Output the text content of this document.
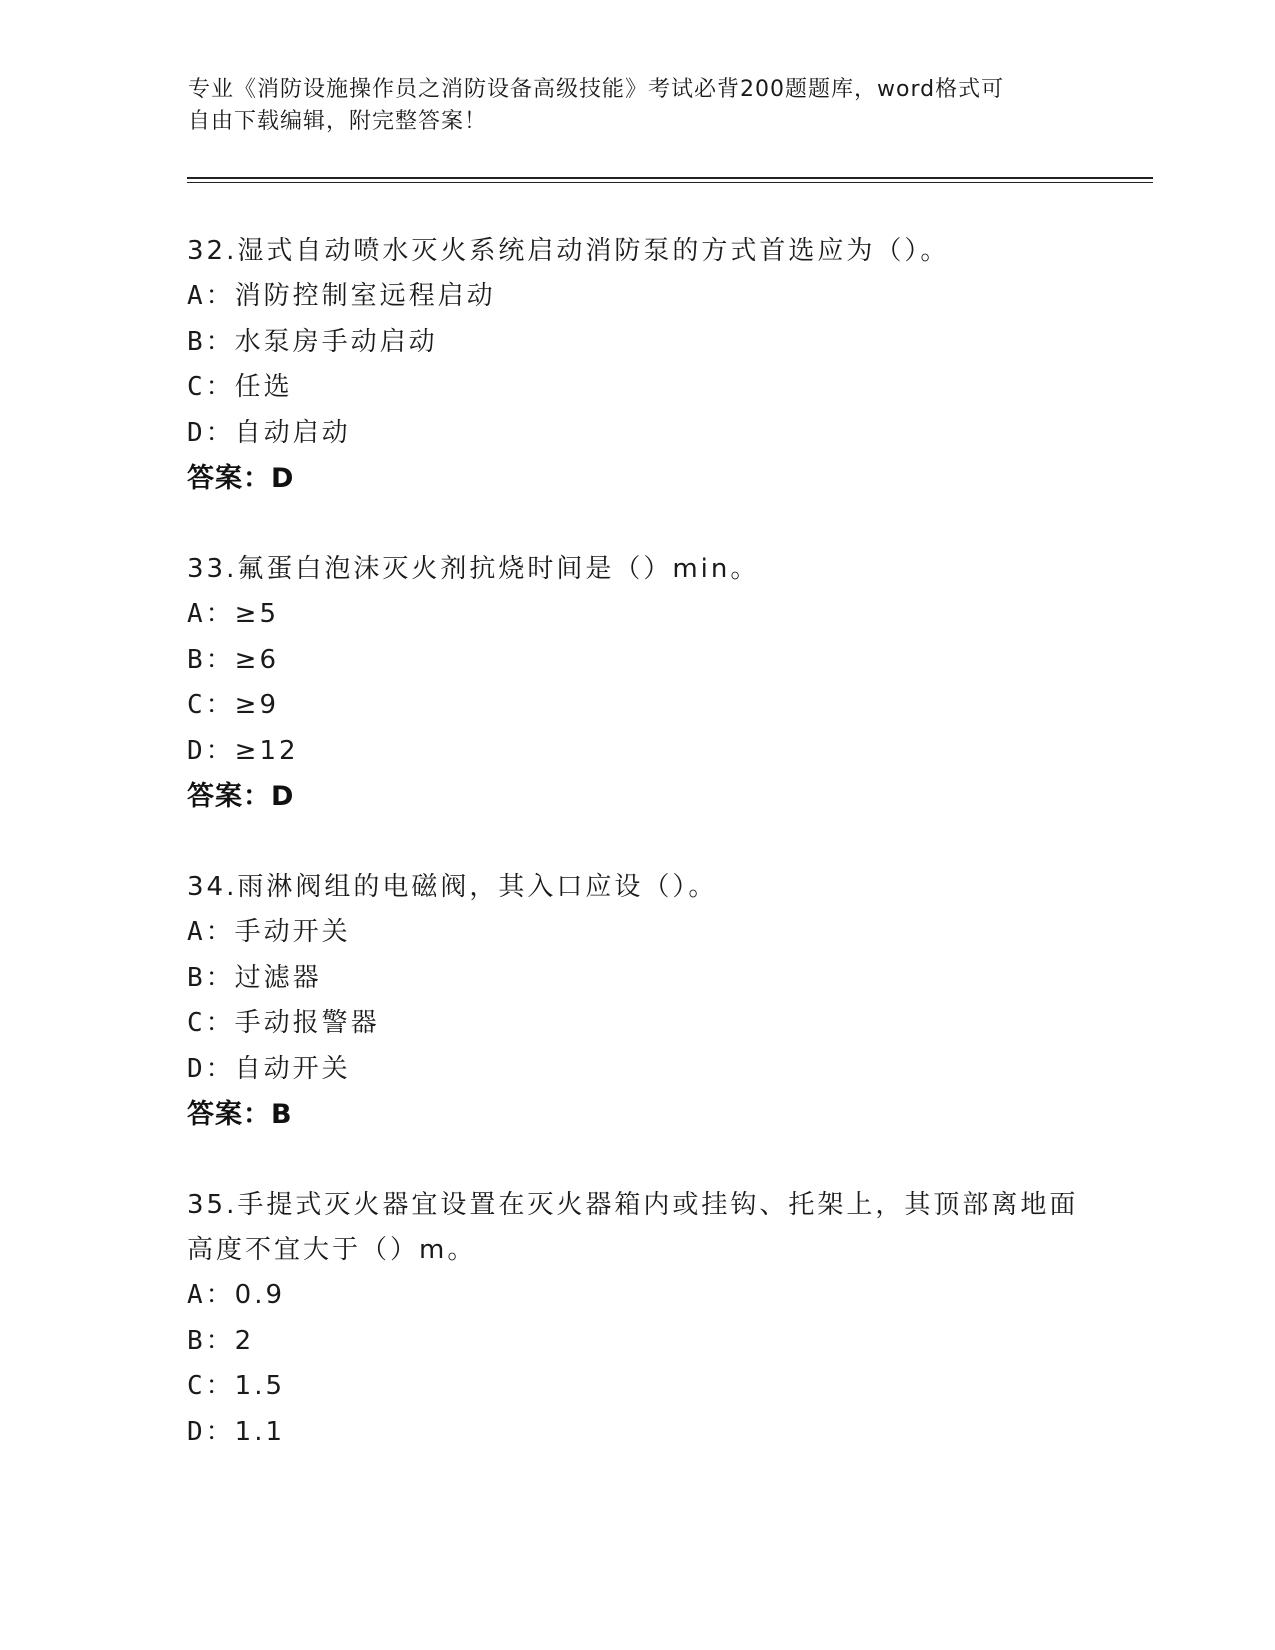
专业《消防设施操作员之消防设备高级技能》考试必背200题题库，word格式可
自由下载编辑，附完整答案！
32.湿式自动喷水灭火系统启动消防泵的方式首选应为（）。
A：消防控制室远程启动
B：水泵房手动启动
C：任选
D：自动启动
答案：D
33.氟蛋白泡沫灭火剂抗烧时间是（）min。
A：≥5
B：≥6
C：≥9
D：≥12
答案：D
34.雨淋阀组的电磁阀，其入口应设（）。
A：手动开关
B：过滤器
C：手动报警器
D：自动开关
答案：B
35.手提式灭火器宜设置在灭火器箱内或挂钩、托架上，其顶部离地面
高度不宜大于（）m。
A：0.9
B：2
C：1.5
D：1.1
